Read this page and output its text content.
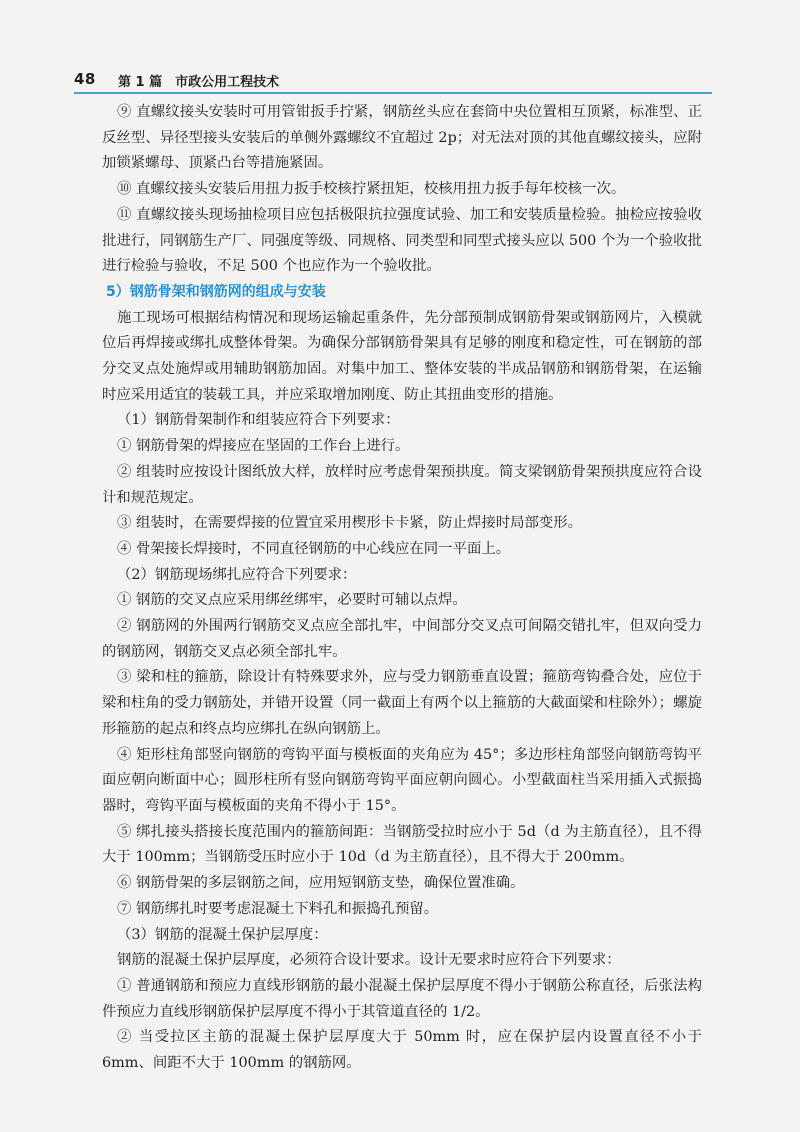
48 第 1 篇　市政公用工程技术

⑨ 直螺纹接头安装时可用管钳扳手拧紧，钢筋丝头应在套筒中央位置相互顶紧，标准型、正反丝型、异径型接头安装后的单侧外露螺纹不宜超过 2p；对无法对顶的其他直螺纹接头，应附加锁紧螺母、顶紧凸台等措施紧固。

⑩ 直螺纹接头安装后用扭力扳手校核拧紧扭矩，校核用扭力扳手每年校核一次。

⑪ 直螺纹接头现场抽检项目应包括极限抗拉强度试验、加工和安装质量检验。抽检应按验收批进行，同钢筋生产厂、同强度等级、同规格、同类型和同型式接头应以 500 个为一个验收批进行检验与验收，不足 500 个也应作为一个验收批。

5）钢筋骨架和钢筋网的组成与安装

施工现场可根据结构情况和现场运输起重条件，先分部预制成钢筋骨架或钢筋网片，入模就位后再焊接或绑扎成整体骨架。为确保分部钢筋骨架具有足够的刚度和稳定性，可在钢筋的部分交叉点处施焊或用辅助钢筋加固。对集中加工、整体安装的半成品钢筋和钢筋骨架，在运输时应采用适宜的装载工具，并应采取增加刚度、防止其扭曲变形的措施。

（1）钢筋骨架制作和组装应符合下列要求：

① 钢筋骨架的焊接应在坚固的工作台上进行。

② 组装时应按设计图纸放大样，放样时应考虑骨架预拱度。简支梁钢筋骨架预拱度应符合设计和规范规定。

③ 组装时，在需要焊接的位置宜采用楔形卡卡紧，防止焊接时局部变形。

④ 骨架接长焊接时，不同直径钢筋的中心线应在同一平面上。

（2）钢筋现场绑扎应符合下列要求：

① 钢筋的交叉点应采用绑丝绑牢，必要时可辅以点焊。

② 钢筋网的外围两行钢筋交叉点应全部扎牢，中间部分交叉点可间隔交错扎牢，但双向受力的钢筋网，钢筋交叉点必须全部扎牢。

③ 梁和柱的箍筋，除设计有特殊要求外，应与受力钢筋垂直设置；箍筋弯钩叠合处，应位于梁和柱角的受力钢筋处，并错开设置（同一截面上有两个以上箍筋的大截面梁和柱除外）；螺旋形箍筋的起点和终点均应绑扎在纵向钢筋上。

④ 矩形柱角部竖向钢筋的弯钩平面与模板面的夹角应为 45°；多边形柱角部竖向钢筋弯钩平面应朝向断面中心；圆形柱所有竖向钢筋弯钩平面应朝向圆心。小型截面柱当采用插入式振捣器时，弯钩平面与模板面的夹角不得小于 15°。

⑤ 绑扎接头搭接长度范围内的箍筋间距：当钢筋受拉时应小于 5d（d 为主筋直径），且不得大于 100mm；当钢筋受压时应小于 10d（d 为主筋直径），且不得大于 200mm。

⑥ 钢筋骨架的多层钢筋之间，应用短钢筋支垫，确保位置准确。

⑦ 钢筋绑扎时要考虑混凝土下料孔和振捣孔预留。

（3）钢筋的混凝土保护层厚度：

钢筋的混凝土保护层厚度，必须符合设计要求。设计无要求时应符合下列要求：

① 普通钢筋和预应力直线形钢筋的最小混凝土保护层厚度不得小于钢筋公称直径，后张法构件预应力直线形钢筋保护层厚度不得小于其管道直径的 1/2。

② 当受拉区主筋的混凝土保护层厚度大于 50mm 时，应在保护层内设置直径不小于 6mm、间距不大于 100mm 的钢筋网。
